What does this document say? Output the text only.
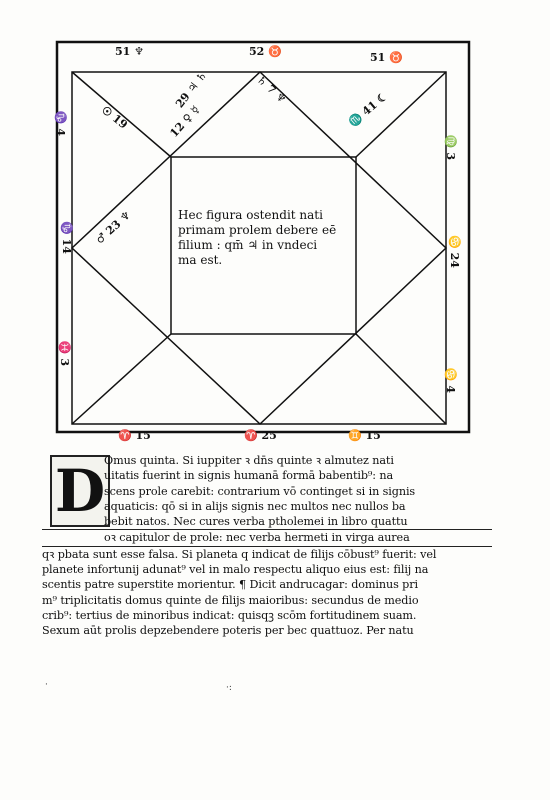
51 ♆	52 ♉	51 ♉
♍ 3
♋ 24
♋ 4
♈ 15	♈ 25	♊ 15
♑ 4
♑ 14
♓ 3
☉ 19
29 ♃ ♄
12 ♀ ☿
♄ 7 ♆
♏ 41 ☾
♂ 23 ♆	Hec figura ostendit nati
primam prolem debere eē
filium : qm̄ ♃ in vndeci
ma est.
D
Omus quinta. Si iuppiter ꝛ dn̄s quinte ꝛ almutez nati
uitatis fuerint in signis humanā formā babentib⁹: na
scens prole carebit: contrarium vō continget si in signis
aquaticis: qō si in alijs signis nec multos nec nullos ba
bebit natos. Nec cures verba ptholemei in libro quattu
oꝛ capitulor de prole: nec verba hermeti in virga aurea
qꝛ pbata sunt esse falsa. Si planeta q indicat de filijs cōbust⁹ fuerit: vel
planete infortunij adunat⁹ vel in malo respectu aliquo eius est: filij na
scentis patre superstite morientur. ¶ Dicit andrucagar: dominus pri
m⁹ triplicitatis domus quinte de filijs maioribus: secundus de medio
crib⁹: tertius de minoribus indicat: quisqꝫ scōm fortitudinem suam.
Sexum aūt prolis depzebendere poteris per bec quattuoz. Per natu
·	·:
